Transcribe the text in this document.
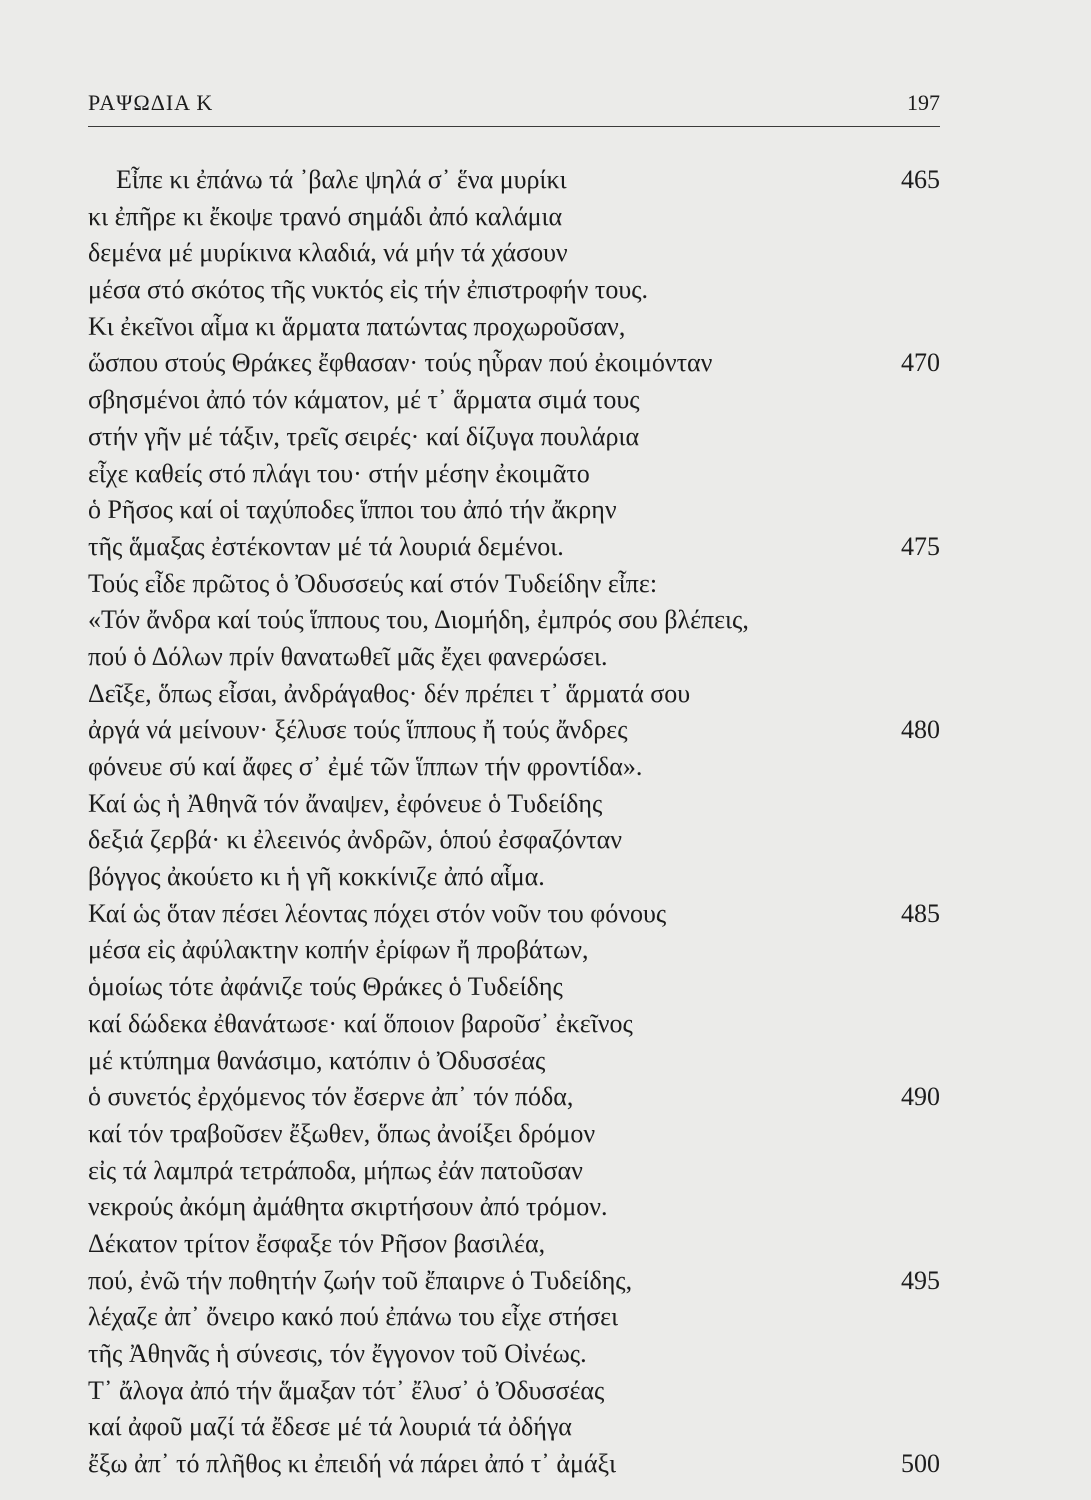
ΡΑΨΩΔΙΑ Κ	197
Εἶπε κι ἐπάνω τά ᾽βαλε ψηλά σ᾽ ἕνα μυρίκι	465
κι ἐπῆρε κι ἔκοψε τρανό σημάδι ἀπό καλάμια
δεμένα μέ μυρίκινα κλαδιά, νά μήν τά χάσουν
μέσα στό σκότος τῆς νυκτός εἰς τήν ἐπιστροφήν τους.
Κι ἐκεῖνοι αἷμα κι ἅρματα πατώντας προχωροῦσαν,
ὥσπου στούς Θράκες ἔφθασαν· τούς ηὗραν πού ἐκοιμόνταν	470
σβησμένοι ἀπό τόν κάματον, μέ τ᾽ ἅρματα σιμά τους
στήν γῆν μέ τάξιν, τρεῖς σειρές· καί δίζυγα πουλάρια
εἶχε καθείς στό πλάγι του· στήν μέσην ἐκοιμᾶτο
ὁ Ρῆσος καί οἱ ταχύποδες ἵπποι του ἀπό τήν ἄκρην
τῆς ἅμαξας ἐστέκονταν μέ τά λουριά δεμένοι.	475
Τούς εἶδε πρῶτος ὁ Ὀδυσσεύς καί στόν Τυδείδην εἶπε:
«Τόν ἄνδρα καί τούς ἵππους του, Διομήδη, ἐμπρός σου βλέπεις,
πού ὁ Δόλων πρίν θανατωθεῖ μᾶς ἔχει φανερώσει.
Δεῖξε, ὅπως εἶσαι, ἀνδράγαθος· δέν πρέπει τ᾽ ἅρματά σου
ἀργά νά μείνουν· ξέλυσε τούς ἵππους ἤ τούς ἄνδρες	480
φόνευε σύ καί ἄφες σ᾽ ἐμέ τῶν ἵππων τήν φροντίδα».
Καί ὡς ἡ Ἀθηνᾶ τόν ἄναψεν, ἐφόνευε ὁ Τυδείδης
δεξιά ζερβά· κι ἐλεεινός ἀνδρῶν, ὁπού ἐσφαζόνταν
βόγγος ἀκούετο κι ἡ γῆ κοκκίνιζε ἀπό αἷμα.
Καί ὡς ὅταν πέσει λέοντας πόχει στόν νοῦν του φόνους	485
μέσα εἰς ἀφύλακτην κοπήν ἐρίφων ἤ προβάτων,
ὁμοίως τότε ἀφάνιζε τούς Θράκες ὁ Τυδείδης
καί δώδεκα ἐθανάτωσε· καί ὅποιον βαροῦσ᾽ ἐκεῖνος
μέ κτύπημα θανάσιμο, κατόπιν ὁ Ὀδυσσέας
ὁ συνετός ἐρχόμενος τόν ἔσερνε ἀπ᾽ τόν πόδα,	490
καί τόν τραβοῦσεν ἔξωθεν, ὅπως ἀνοίξει δρόμον
εἰς τά λαμπρά τετράποδα, μήπως ἐάν πατοῦσαν
νεκρούς ἀκόμη ἀμάθητα σκιρτήσουν ἀπό τρόμον.
Δέκατον τρίτον ἔσφαξε τόν Ρῆσον βασιλέα,
πού, ἐνῶ τήν ποθητήν ζωήν τοῦ ἔπαιρνε ὁ Τυδείδης,	495
λέχαζε ἀπ᾽ ὄνειρο κακό πού ἐπάνω του εἶχε στήσει
τῆς Ἀθηνᾶς ἡ σύνεσις, τόν ἔγγονον τοῦ Οἰνέως.
Τ᾽ ἄλογα ἀπό τήν ἅμαξαν τότ᾽ ἔλυσ᾽ ὁ Ὀδυσσέας
καί ἀφοῦ μαζί τά ἔδεσε μέ τά λουριά τά ὀδήγα
ἔξω ἀπ᾽ τό πλῆθος κι ἐπειδή νά πάρει ἀπό τ᾽ ἀμάξι	500
